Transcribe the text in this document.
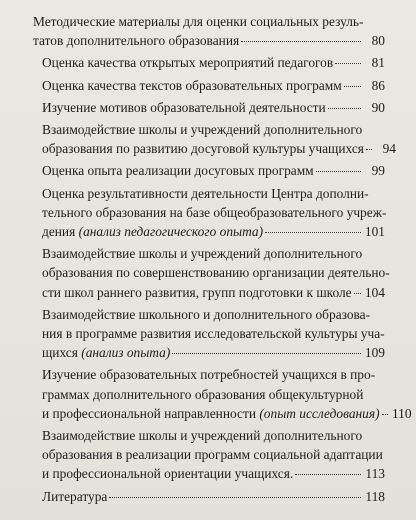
Методические материалы для оценки социальных резуль-
татов дополнительного образования	80
Оценка качества открытых мероприятий педагогов	81
Оценка качества текстов образовательных программ	86
Изучение мотивов образовательной деятельности	90
Взаимодействие школы и учреждений дополнительного
образования по развитию досуговой культуры учащихся	94
Оценка опыта реализации досуговых программ	99
Оценка результативности деятельности Центра дополни-
тельного образования на базе общеобразовательного учреж-
дения (анализ педагогического опыта)	101
Взаимодействие школы и учреждений дополнительного
образования по совершенствованию организации деятельно-
сти школ раннего развития, групп подготовки к школе 104
Взаимодействие школьного и дополнительного образова-
ния в программе развития исследовательской культуры уча-
щихся (анализ опыта)	109
Изучение образовательных потребностей учащихся в про-
граммах дополнительного образования общекультурной
и профессиональной направленности (опыт исследования) 110
Взаимодействие школы и учреждений дополнительного
образования в реализации программ социальной адаптации
и профессиональной ориентации учащихся.	113
Литература	118
